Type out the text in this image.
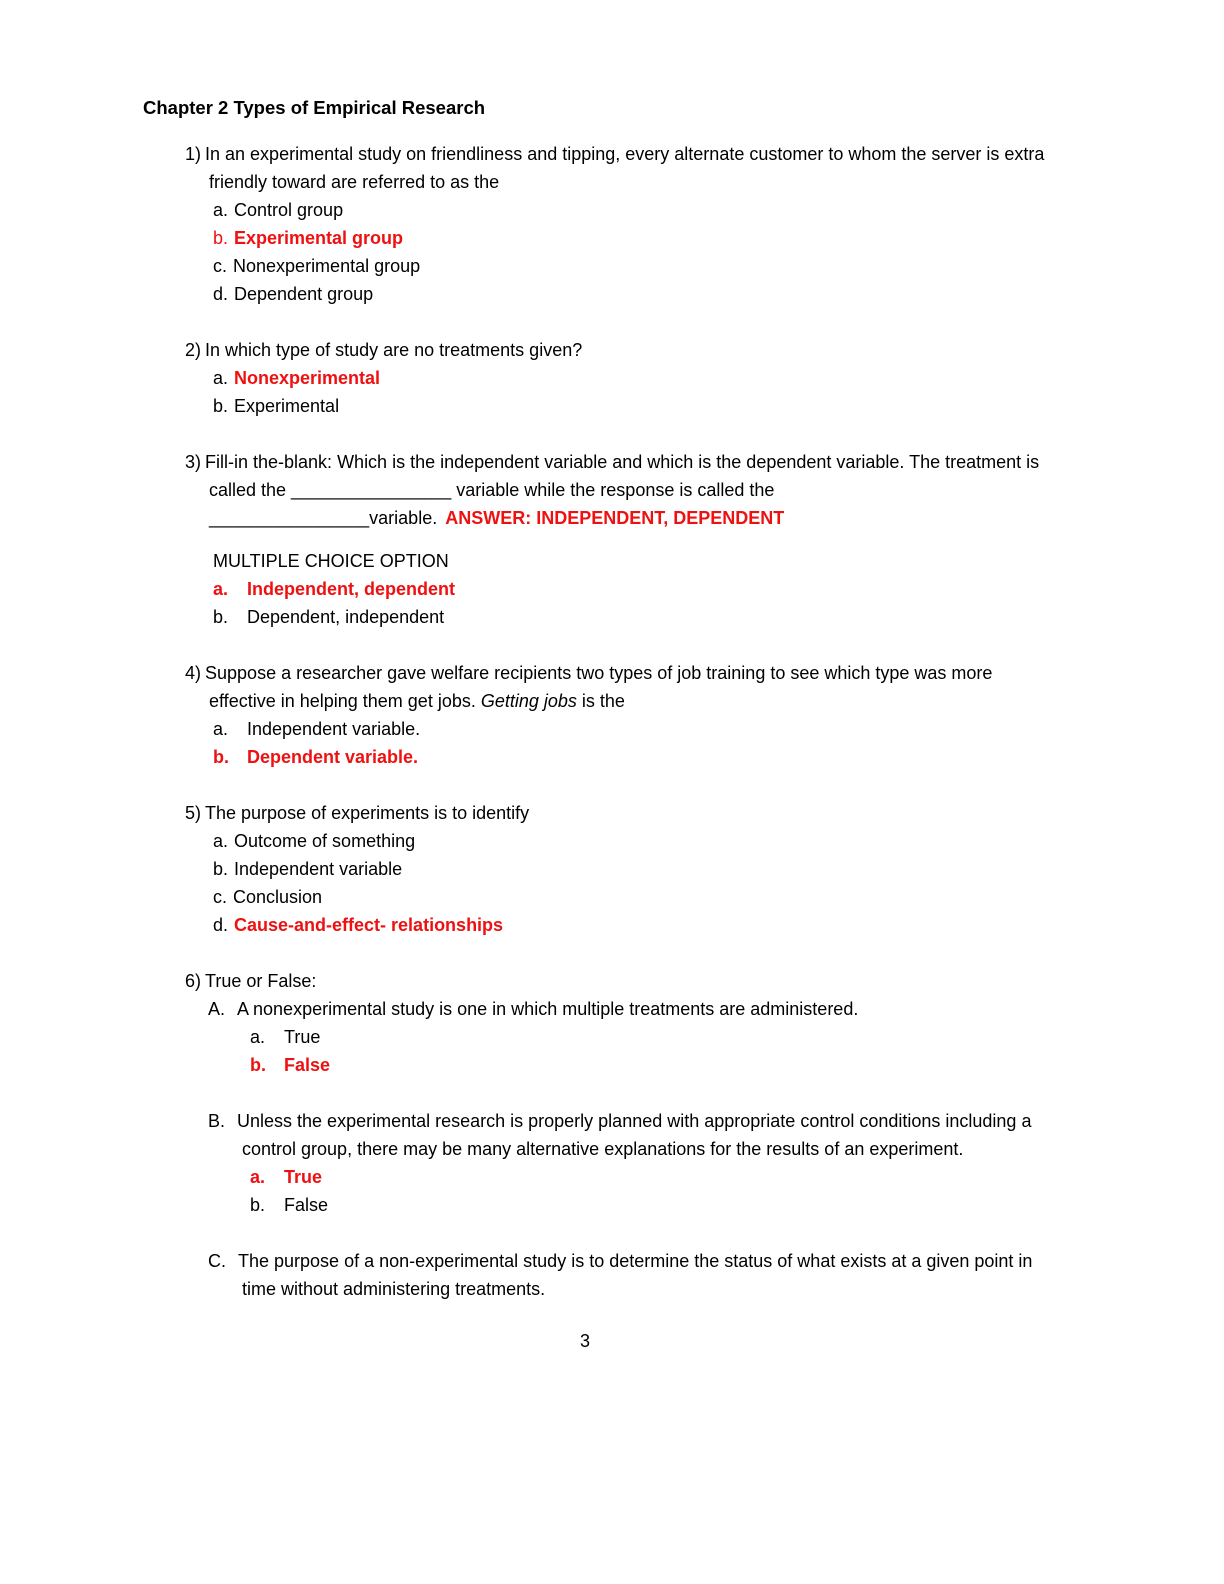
Chapter 2 Types of Empirical Research
1) In an experimental study on friendliness and tipping, every alternate customer to whom the server is extra friendly toward are referred to as the
a. Control group
b. Experimental group
c. Nonexperimental group
d. Dependent group
2) In which type of study are no treatments given?
a. Nonexperimental
b. Experimental
3) Fill-in the-blank: Which is the independent variable and which is the dependent variable. The treatment is called the ________________ variable while the response is called the ________________variable. ANSWER: INDEPENDENT, DEPENDENT
MULTIPLE CHOICE OPTION
a. Independent, dependent
b. Dependent, independent
4) Suppose a researcher gave welfare recipients two types of job training to see which type was more effective in helping them get jobs. Getting jobs is the
a. Independent variable.
b. Dependent variable.
5) The purpose of experiments is to identify
a. Outcome of something
b. Independent variable
c. Conclusion
d. Cause-and-effect- relationships
6) True or False:
A. A nonexperimental study is one in which multiple treatments are administered.
a. True
b. False
B. Unless the experimental research is properly planned with appropriate control conditions including a control group, there may be many alternative explanations for the results of an experiment.
a. True
b. False
C. The purpose of a non-experimental study is to determine the status of what exists at a given point in time without administering treatments.
3
